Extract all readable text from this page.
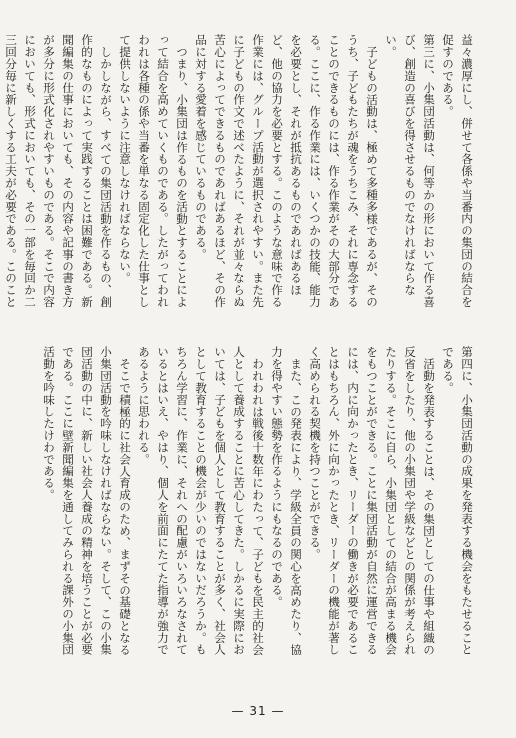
益々濃厚にし、併せて各係や当番内の集団の結合を促すのである。

第三に、小集団活動は、何等かの形において作る喜び、創造の喜びを得させるものでなければならない。

子どもの活動は、極めて多種多様であるが、そのうち、子どもたちが魂をうちこみ、それに専念することのできるものには、作る作業がその大部分である。ここに、作る作業には、いくつかの技能、能力を必要とし、それが抵抗あるものであればあるほど、他の協力を必要とする。このような意味で作る作業には、グループ活動が選択されやすい。また先に子どもの作文で述べたように、それが並々ならぬ苦心によってできるものであればあるほど、その作品に対する愛着を感じているものである。

つまり、小集団は作るものを活動とすることによって結合を高めていくものである。したがってわれわれは各種の係や当番を単なる固定化した仕事として提供しないように注意しなければならない。

しかしながら、すべての集団活動を作るもの、創作的なものによって実践することは困難である。新聞編集の仕事においても、その内容や記事の書き方が多分に形式化されやすいものである。そこで内容においても、形式においても、その一部を毎回か二三回分毎に新しくする工夫が必要である。このこと

第四に、小集団活動の成果を発表する機会をもたせることである。

活動を発表することは、その集団としての仕事や組織の反省をしたり、他の小集団や学級などとの関係が考えられたりする。そこに自ら、小集団としての結合が高まる機会をもつことができる。ことに集団活動が自然に運営できるには、内に向かったとき、リーダーの働きが必要であることはもちろん、外に向かったとき、リーダーの機能が著しく高められる契機を持つことができる。

また、この発表により、学級全員の関心を高めたり、協力を得やすい態勢を作るようにもなるのである。

われわれは戦後十数年にわたって、子どもを民主的社会人として養成することに苦心してきた。しかるに実際においては、子どもを個人として教育することが多く、社会人として教育することの機会が少いのではないだろうか。もちろん学習に、作業に、それへの配慮がいろいろなされているとはいえ、やはり、個人を前面にたてた指導が強力であるように思われる。

そこで積極的に社会人育成のため、まずその基礎となる小集団活動を吟味しなければならない。そして、この小集団活動の中に、新しい社会人養成の精神を培うことが必要である。ここに壁新聞編集を通してみられる課外の小集団活動を吟味したけわである。

— 31 —
